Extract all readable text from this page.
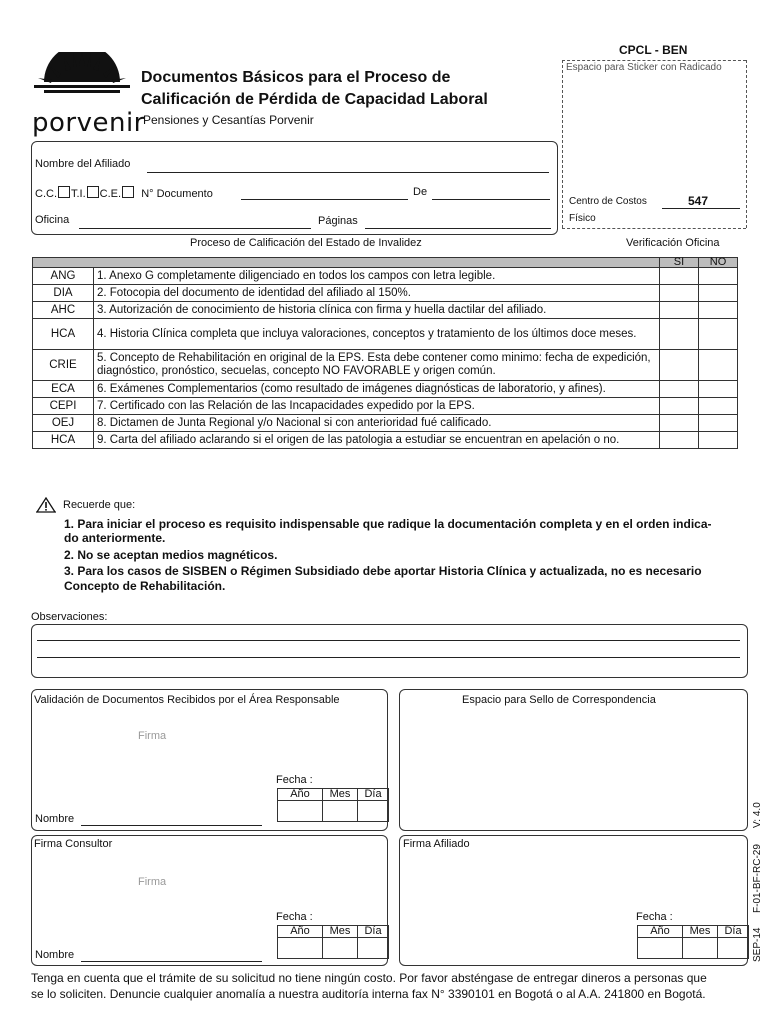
porvenir
Documentos Básicos para el Proceso de
Calificación de Pérdida de Capacidad Laboral
Pensiones y Cesantías Porvenir
CPCL - BEN
Espacio para Sticker con Radicado
Centro de Costos	547
Físico
Nombre del Afiliado
C.C. T.I. C.E. N° Documento	De
Oficina	Páginas
Proceso de Calificación del Estado de Invalidez	Verificación Oficina
		SI	NO
ANG	1. Anexo G completamente diligenciado en todos los campos con letra legible.		
DIA	2. Fotocopia del documento de identidad del afiliado al 150%.		
AHC	3. Autorización de conocimiento de historia clínica con firma y huella dactilar del afiliado.		
HCA	4. Historia Clínica completa que incluya valoraciones, conceptos y tratamiento de los últimos doce meses.		
CRIE	5. Concepto de Rehabilitación en original de la EPS. Esta debe contener como minimo: fecha de expedición, diagnóstico, pronóstico, secuelas, concepto NO FAVORABLE y origen común.		
ECA	6. Exámenes Complementarios (como resultado de imágenes diagnósticas de laboratorio, y afines).		
CEPI	7. Certificado con las Relación de las Incapacidades expedido por la EPS.		
OEJ	8. Dictamen de Junta Regional y/o Nacional si con anterioridad fué calificado.		
HCA	9. Carta del afiliado aclarando si el origen de las patologia a estudiar se encuentran en apelación o no.		
Recuerde que:
1. Para iniciar el proceso es requisito indispensable que radique la documentación completa y en el orden indica-
do anteriormente.
2. No se aceptan medios magnéticos.
3. Para los casos de SISBEN o Régimen Subsidiado debe aportar Historia Clínica y actualizada, no es necesario
Concepto de Rehabilitación.
Observaciones:
Validación de Documentos Recibidos por el Área Responsable
Firma
Fecha :
Año	Mes	Día

Nombre
Espacio para Sello de Correspondencia
Firma Consultor
Firma
Fecha :
Año	Mes	Día

Nombre
Firma Afiliado
Fecha :
Año	Mes	Día

V: 4.0
F-01-BF-RC-29
SEP-14
Tenga en cuenta que el trámite de su solicitud no tiene ningún costo. Por favor absténgase de entregar dineros a personas que
se lo soliciten. Denuncie cualquier anomalía a nuestra auditoría interna fax N° 3390101 en Bogotá o al A.A. 241800 en Bogotá.
